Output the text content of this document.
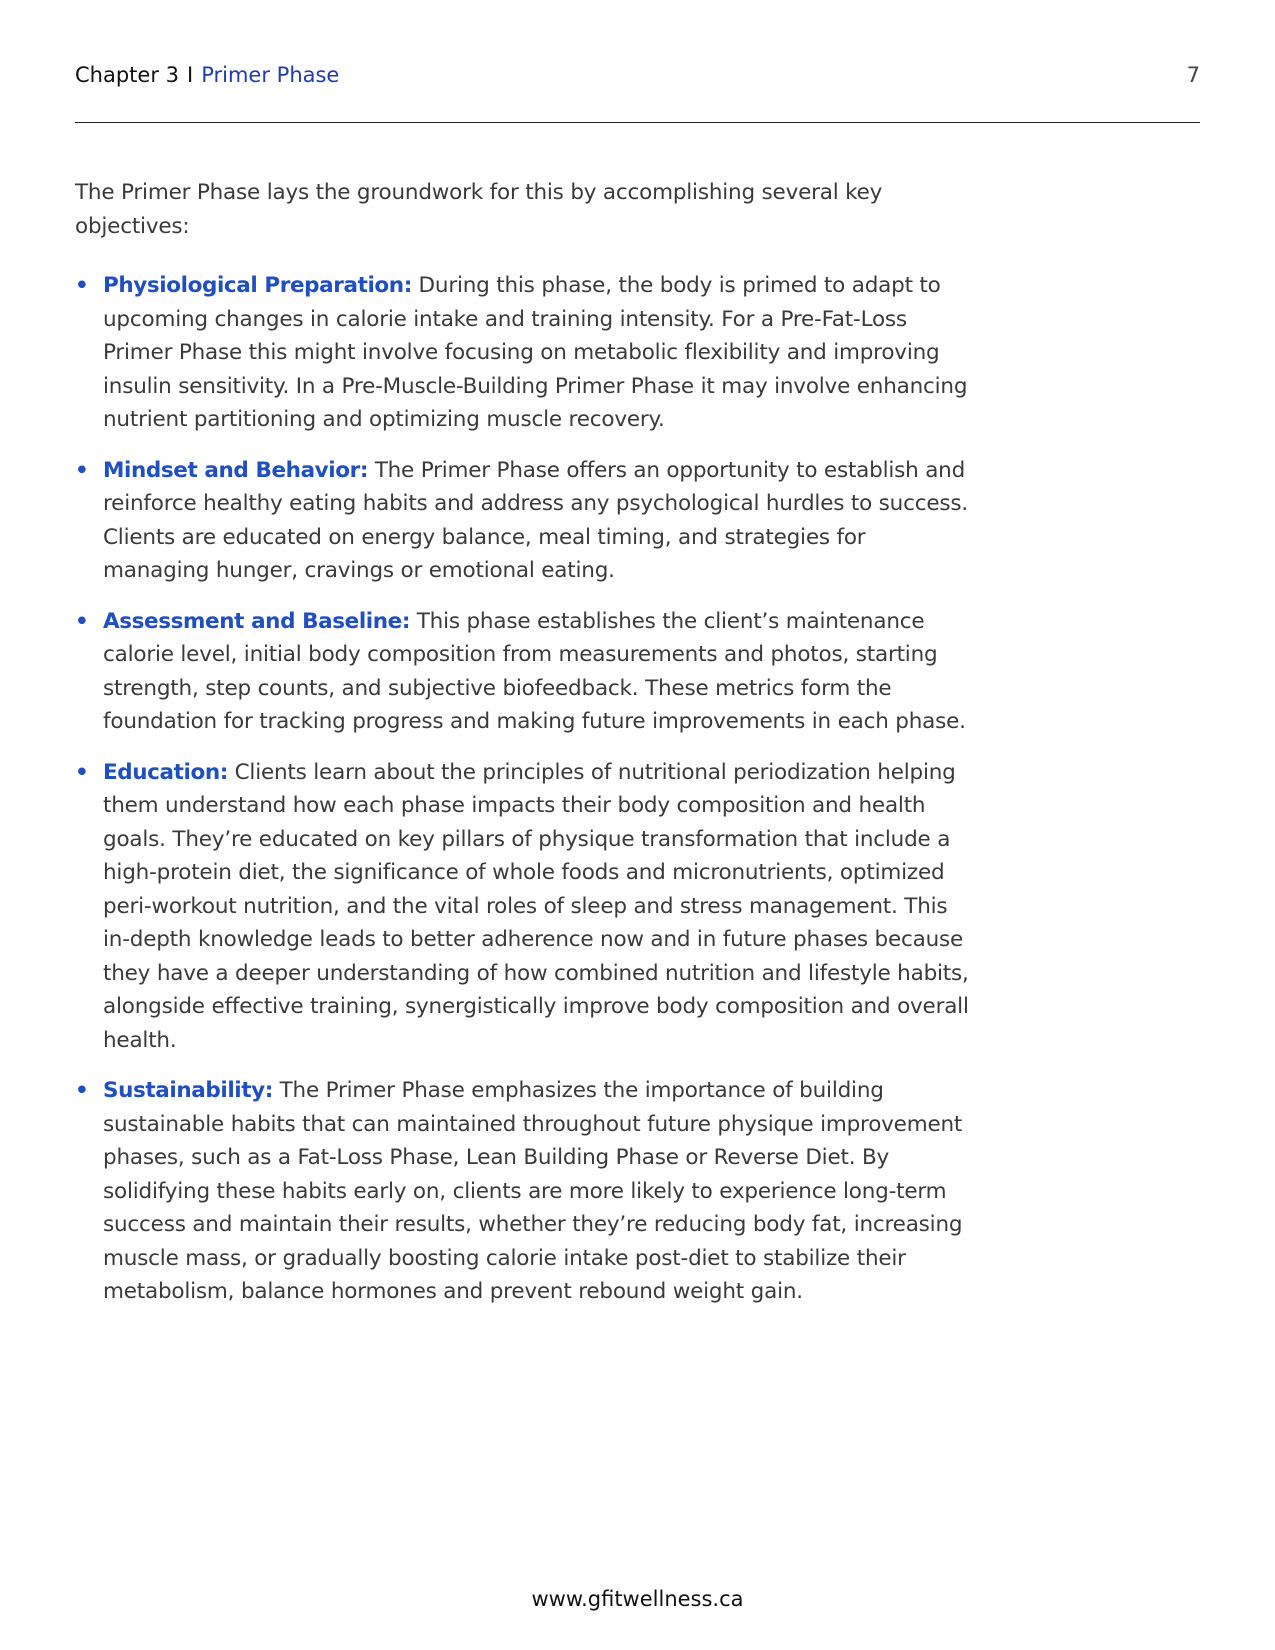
Chapter 3 I Primer Phase	7

The Primer Phase lays the groundwork for this by accomplishing several key objectives:

• Physiological Preparation: During this phase, the body is primed to adapt to upcoming changes in calorie intake and training intensity. For a Pre-Fat-Loss Primer Phase this might involve focusing on metabolic flexibility and improving insulin sensitivity. In a Pre-Muscle-Building Primer Phase it may involve enhancing nutrient partitioning and optimizing muscle recovery.
• Mindset and Behavior: The Primer Phase offers an opportunity to establish and reinforce healthy eating habits and address any psychological hurdles to success. Clients are educated on energy balance, meal timing, and strategies for managing hunger, cravings or emotional eating.
• Assessment and Baseline: This phase establishes the client’s maintenance calorie level, initial body composition from measurements and photos, starting strength, step counts, and subjective biofeedback. These metrics form the foundation for tracking progress and making future improvements in each phase.
• Education: Clients learn about the principles of nutritional periodization helping them understand how each phase impacts their body composition and health goals. They’re educated on key pillars of physique transformation that include a high-protein diet, the significance of whole foods and micronutrients, optimized peri-workout nutrition, and the vital roles of sleep and stress management. This in-depth knowledge leads to better adherence now and in future phases because they have a deeper understanding of how combined nutrition and lifestyle habits, alongside effective training, synergistically improve body composition and overall health.
• Sustainability: The Primer Phase emphasizes the importance of building sustainable habits that can maintained throughout future physique improvement phases, such as a Fat-Loss Phase, Lean Building Phase or Reverse Diet. By solidifying these habits early on, clients are more likely to experience long-term success and maintain their results, whether they’re reducing body fat, increasing muscle mass, or gradually boosting calorie intake post-diet to stabilize their metabolism, balance hormones and prevent rebound weight gain.
www.gfitwellness.ca
